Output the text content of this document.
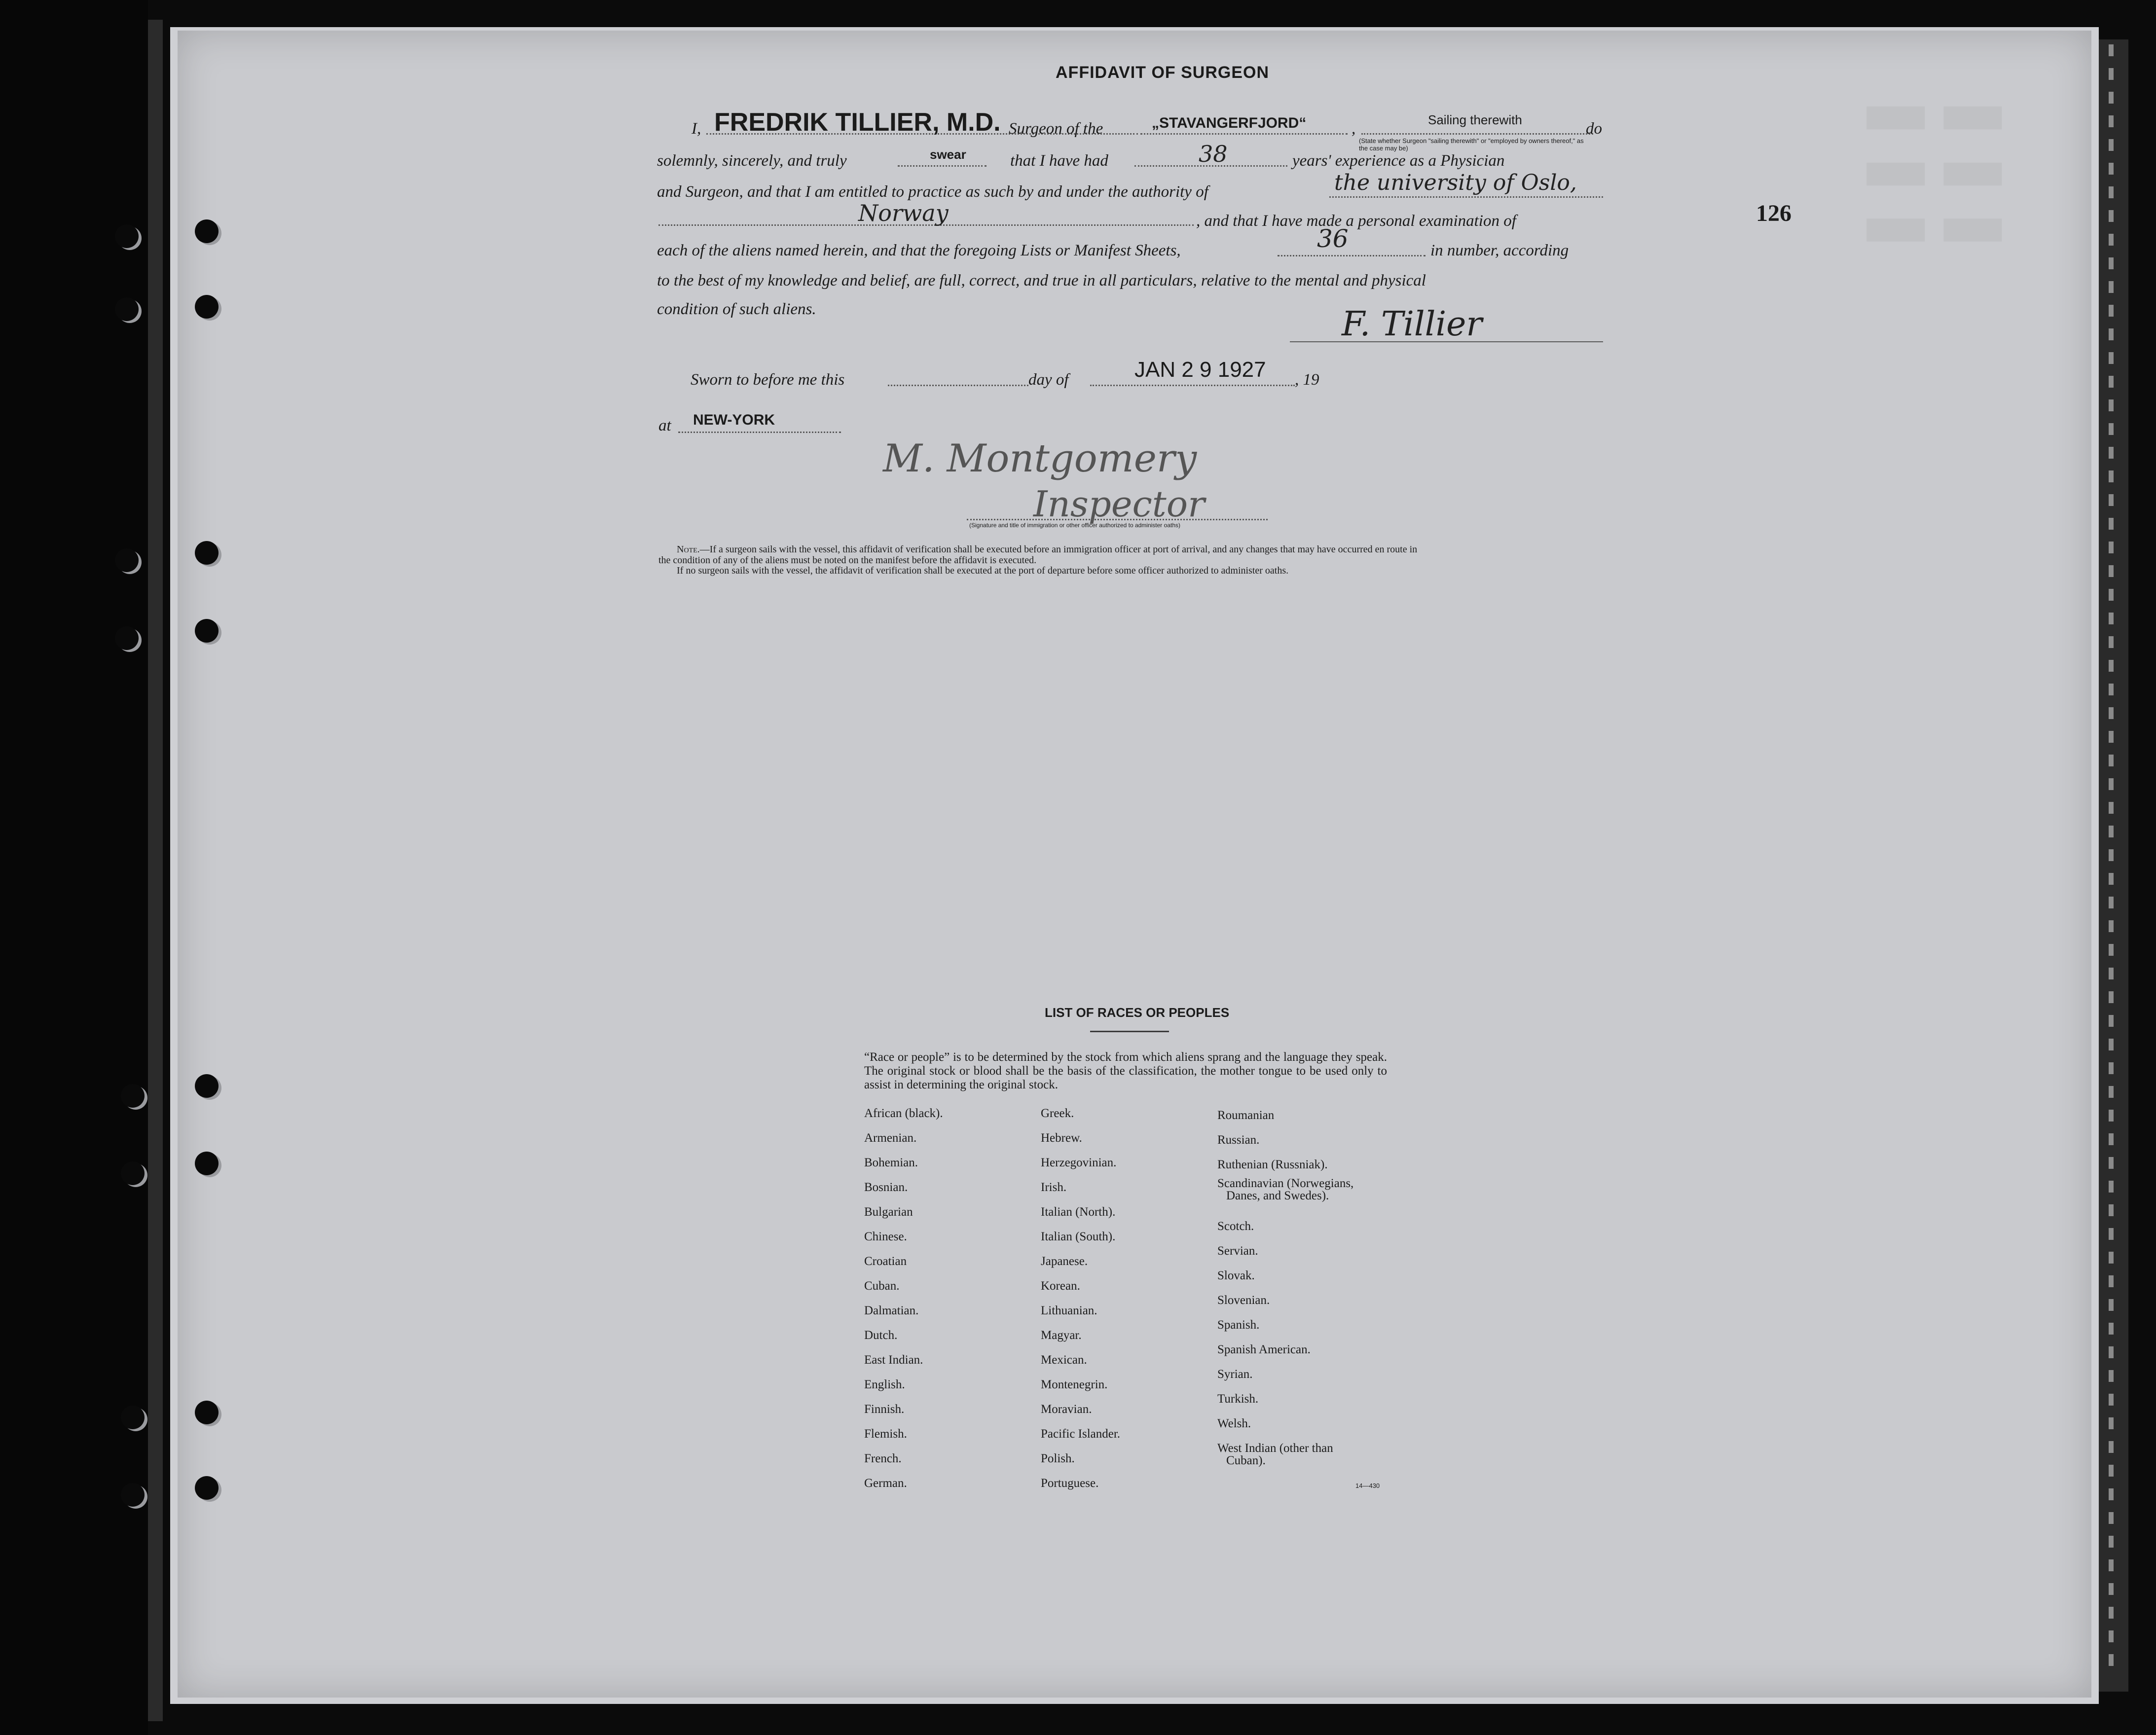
☷
AFFIDAVIT OF SURGEON
126
I, FREDRIK TILLIER, M.D. Surgeon of the	„STAVANGERFJORD“	,	Sailing therewith
(State whether Surgeon "sailing therewith" or "employed by owners thereof," as the case may be)
do
solemnly, sincerely, and truly	swear	that I have had	38	years' experience as a Physician
and Surgeon, and that I am entitled to practice as such by and under the authority of	the university of Oslo,
Norway	, and that I have made a personal examination of
each of the aliens named herein, and that the foregoing Lists or Manifest Sheets,	36	in number, according
to the best of my knowledge and belief, are full, correct, and true in all particulars, relative to the mental and physical
condition of such aliens.	F. Tillier
Sworn to before me this	day of	JAN 2 9 1927 , 19
at NEW-YORK
M. Montgomery
Inspector
(Signature and title of immigration or other officer authorized to administer oaths)
Note.—If a surgeon sails with the vessel, this affidavit of verification shall be executed before an immigration officer at port of arrival, and any changes that may have occurred en route in
the condition of any of the aliens must be noted on the manifest before the affidavit is executed.
If no surgeon sails with the vessel, the affidavit of verification shall be executed at the port of departure before some officer authorized to administer oaths.
LIST OF RACES OR PEOPLES
“Race or people” is to be determined by the stock from which aliens sprang and the language they speak. The original stock or blood shall be the basis of the classification, the mother tongue to be used only to assist in determining the original stock.
African (black).
Armenian.
Bohemian.
Bosnian.
Bulgarian
Chinese.
Croatian
Cuban.
Dalmatian.
Dutch.
East Indian.
English.
Finnish.
Flemish.
French.
German.
Greek.
Hebrew.
Herzegovinian.
Irish.
Italian (North).
Italian (South).
Japanese.
Korean.
Lithuanian.
Magyar.
Mexican.
Montenegrin.
Moravian.
Pacific Islander.
Polish.
Portuguese.
Roumanian
Russian.
Ruthenian (Russniak).
Scandinavian (Norwegians,
Danes, and Swedes).
Scotch.
Servian.
Slovak.
Slovenian.
Spanish.
Spanish American.
Syrian.
Turkish.
Welsh.
West Indian (other than
Cuban).
14—430
